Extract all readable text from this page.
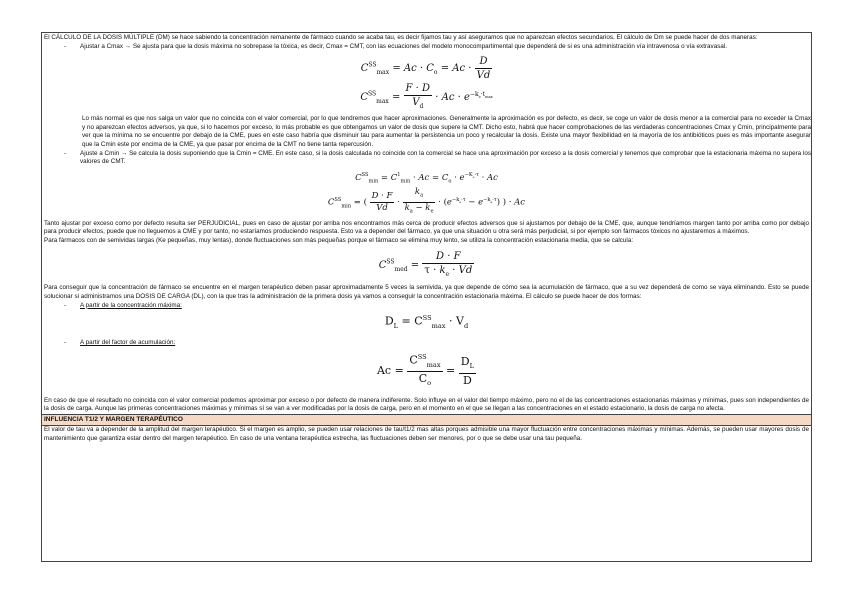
El CÁLCULO DE LA DOSIS MÚLTIPLE (DM) se hace sabiendo la concentración remanente de fármaco cuando se acaba tau, es decir fijamos tau y así aseguramos que no aparezcan efectos secundarios. El cálculo de Dm se puede hacer de dos maneras:

- Ajustar a Cmax → Se ajusta para que la dosis máxima no sobrepase la tóxica, es decir, Cmax = CMT, con las ecuaciones del modelo monocompartimental que dependerá de si es una administración vía intravenosa o vía extravasal.

$C^{SS}_{max} = Ac \cdot C_o = Ac \cdot \frac{D}{Vd}$
$C^{SS}_{max} = \frac{F \cdot D}{V_d} \cdot Ac \cdot e^{-k_e\cdot t_{max}}$

Lo más normal es que nos salga un valor que no coincida con el valor comercial, por lo que tendremos que hacer aproximaciones. Generalmente la aproximación es por defecto, es decir, se coge un valor de dosis menor a la comercial para no exceder la Cmax y no aparezcan efectos adversos, ya que, si lo hacemos por exceso, lo más probable es que obtengamos un valor de dosis que supere la CMT. Dicho esto, habrá que hacer comprobaciones de las verdaderas concentraciones Cmax y Cmin, principalmente para ver que la mínima no se encuentre por debajo de la CME, pues en este caso habría que disminuir tau para aumentar la persistencia un poco y recalcular la dosis. Existe una mayor flexibilidad en la mayoría de los antibióticos pues es más importante asegurar que la Cmin este por encima de la CME, ya que pasar por encima de la CMT no tiene tanta repercusión.

- Ajuste a Cmin → Se calcula la dosis suponiendo que la Cmin = CME. En este caso, si la dosis calculada no coincide con la comercial se hace una aproximación por exceso a la dosis comercial y tenemos que comprobar que la estacionaria máxima no supera los valores de CMT.

$C^{SS}_{min} = C^1_{min} \cdot Ac = C_o \cdot e^{-K_e\cdot\tau} \cdot Ac$
$C^{SS}_{min}$ = ( $\frac{D \cdot F}{Vd} \cdot \frac{k_a}{k_a - k_e} \cdot (e^{-k_e\cdot\tau} - e^{-k_a\cdot\tau})$ ) · Ac

Tanto ajustar por exceso como por defecto resulta ser PERJUDICIAL, pues en caso de ajustar por arriba nos encontramos más cerca de producir efectos adversos que si ajustamos por debajo de la CME, que, aunque tendríamos margen tanto por arriba como por debajo para producir efectos, puede que no lleguemos a CME y por tanto, no estaríamos produciendo respuesta. Esto va a depender del fármaco, ya que una situación u otra será más perjudicial, si por ejemplo son fármacos tóxicos no ajustaremos a máximos.

Para fármacos con de semividas largas (Ke pequeñas, muy lentas), donde fluctuaciones son más pequeñas porque el fármaco se elimina muy lento, se utiliza la concentración estacionaria media, que se calcula:

$C^{SS}_{med} = \frac{D \cdot F}{\tau \cdot k_e \cdot Vd}$

Para conseguir que la concentración de fármaco se encuentre en el margen terapéutico deben pasar aproximadamente 5 veces la semivida, ya que depende de cómo sea la acumulación de fármaco, que a su vez dependerá de como se vaya eliminando. Esto se puede solucionar si administramos una DOSIS DE CARGA (DL), con la que tras la administración de la primera dosis ya vamos a conseguir la concentración estacionaria máxima. El cálculo se puede hacer de dos formas:

- A partir de la concentración máxima:

$D_L = C^{SS}_{max} \cdot V_d$

- A partir del factor de acumulación:

$Ac = \frac{C^{SS}_{max}}{C_o} = \frac{D_L}{D}$

En caso de que el resultado no coincida con el valor comercial podemos aproximar por exceso o por defecto de manera indiferente. Solo influye en el valor del tiempo máximo, pero no el de las concentraciones estacionarias máximas y mínimas, pues son independientes de la dosis de carga. Aunque las primeras concentraciones máximas y mínimas sí se van a ver modificadas por la dosis de carga, pero en el momento en el que se llegan a las concentraciones en el estado estacionario, la dosis de carga no afecta.

INFLUENCIA T1/2 Y MARGEN TERAPÉUTICO

El valor de tau va a depender de la amplitud del margen terapéutico. Si el margen es amplio, se pueden usar relaciones de tau/t1/2 mas altas porques admisible una mayor fluctuación entre concentraciones máximas y mínimas. Además, se pueden usar mayores dosis de mantenimiento que garantiza estar dentro del margen terapéutico. En caso de una ventana terapéutica estrecha, las fluctuaciones deben ser menores, por o que se debe usar una tau pequeña.
